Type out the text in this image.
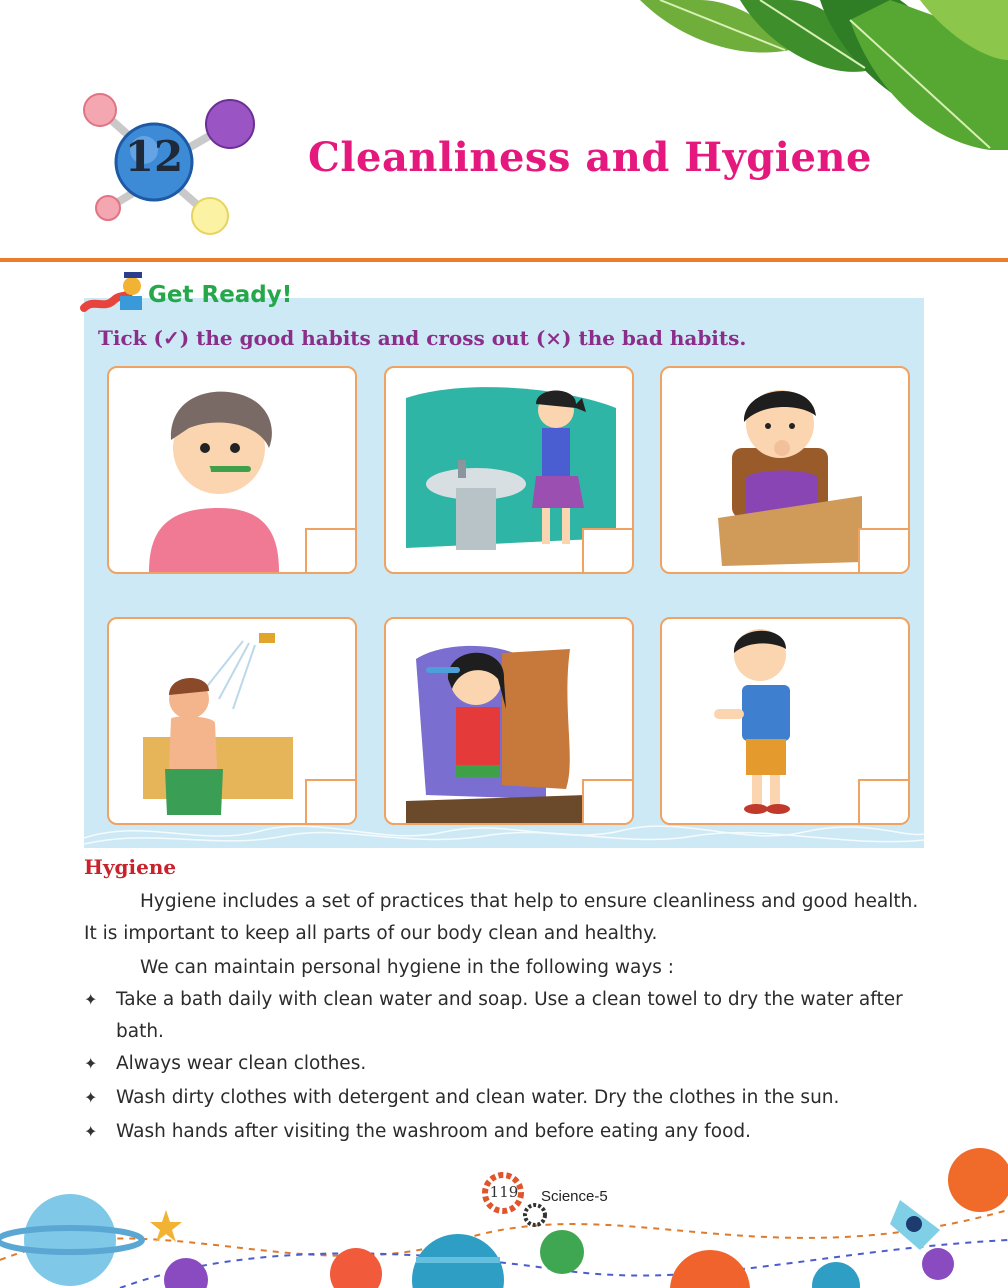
12	Cleanliness and Hygiene
Get Ready!
Tick (✓) the good habits and cross out (×) the bad habits.
Hygiene
Hygiene includes a set of practices that help to ensure cleanliness and good health. It is important to keep all parts of our body clean and healthy.
We can maintain personal hygiene in the following ways :
✦	Take a bath daily with clean water and soap. Use a clean towel to dry the water after bath.
✦	Always wear clean clothes.
✦	Wash dirty clothes with detergent and clean water. Dry the clothes in the sun.
✦	Wash hands after visiting the washroom and before eating any food.
119	Science-5
